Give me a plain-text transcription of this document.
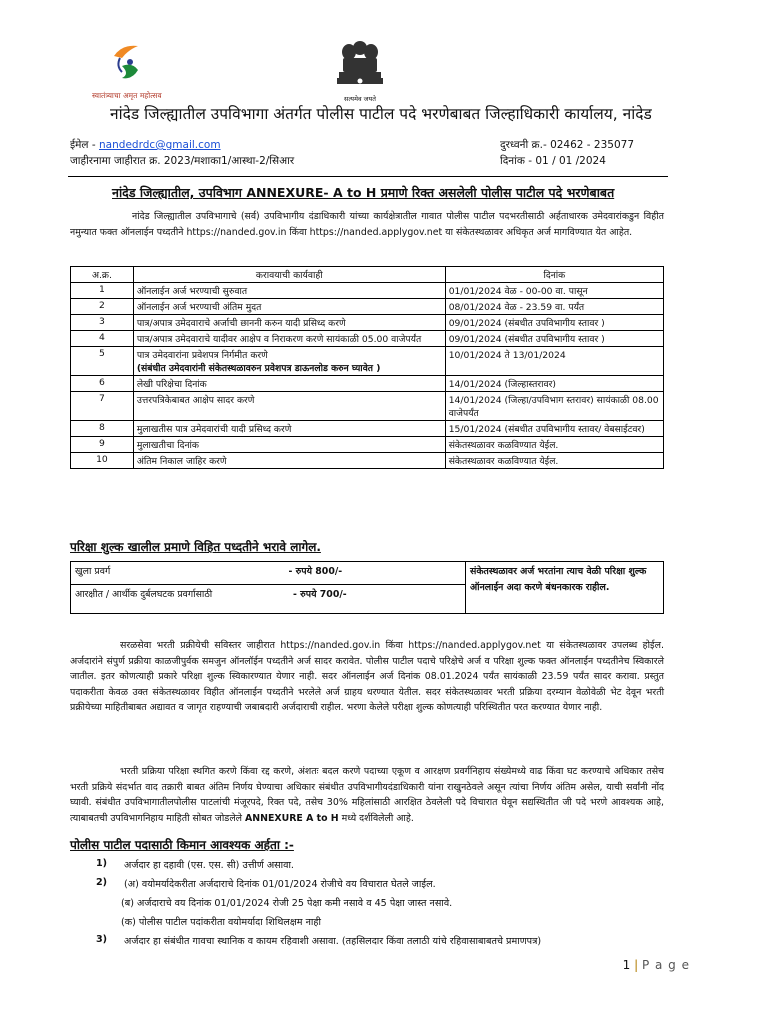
स्वातंत्र्याचा अमृत महोत्सव	सत्यमेव जयते
नांदेड जिल्ह्यातील उपविभागा अंतर्गत पोलीस पाटील पदे भरणेबाबत जिल्हाधिकारी कार्यालय, नांदेड
ईमेल - nandedrdc@gmail.com	दुरध्वनी क्र.- 02462 - 235077
जाहीरनामा जाहीरात क्र. 2023/मशाका1/आस्था-2/सिआर	दिनांक - 01 / 01 /2024
नांदेड जिल्ह्यातील, उपविभाग ANNEXURE- A to H प्रमाणे रिक्त असलेली पोलीस पाटील पदे भरणेबाबत
नांदेड जिल्ह्यातील उपविभागाचे (सर्व) उपविभागीय दंडाधिकारी यांच्या कार्यक्षेत्रातील गावात पोलीस पाटील पदभरतीसाठी अर्हताधारक उमेदवारांकडुन विहीत नमुन्यात फक्त ऑनलाईन पध्दतीने https://nanded.gov.in किंवा https://nanded.applygov.net या संकेतस्थळावर अधिकृत अर्ज मागविण्यात येत आहेत.
अ.क्र.	करावयाची कार्यवाही	दिनांक
1	ऑनलाईन अर्ज भरण्याची सुरुवात	01/01/2024 वेळ - 00-00 वा. पासून
2	ऑनलाईन अर्ज भरण्याची अंतिम मुदत	08/01/2024 वेळ - 23.59 वा. पर्यंत
3	पात्र/अपात्र उमेदवाराचे अर्जाची छाननी करुन यादी प्रसिध्द करणे	09/01/2024 (संबधीत उपविभागीय स्तावर )
4	पात्र/अपात्र उमेदवाराचे यादीवर आक्षेप व निराकरण करणे सायंकाळी 05.00 वाजेपर्यंत	09/01/2024 (संबधीत उपविभागीय स्तावर )
5	पात्र उमेदवारांना प्रवेशपत्र निर्गमीत करणे
(संबंधीत उमेदवारांनी संकेतस्थळावरुन प्रवेशपत्र डाऊनलोड करुन घ्यावेत )	10/01/2024 ते 13/01/2024
6	लेखी परिक्षेचा दिनांक	14/01/2024 (जिल्हास्तरावर)
7	उत्तरपत्रिकेबाबत आक्षेप सादर करणे	14/01/2024 (जिल्हा/उपविभाग स्तरावर) सायंकाळी 08.00 वाजेपर्यंत
8	मुलाखतीस पात्र उमेदवारांची यादी प्रसिध्द करणे	15/01/2024 (संबधीत उपविभागीय स्तावर/ वेबसाईटवर)
9	मुलाखतीचा दिनांक	संकेतस्थळावर कळविण्यात येईल.
10	अंतिम निकाल जाहिर करणे	संकेतस्थळावर कळविण्यात येईल.
परिक्षा शुल्क खालील प्रमाणे विहित पध्दतीने भरावे लागेल.
खुला प्रवर्ग	- रुपये 800/-	संकेतस्थळावर अर्ज भरतांना त्याच वेळी परिक्षा शुल्क ऑनलाईन अदा करणे बंधनकारक राहील.
आरक्षीत / आर्थीक दुर्बलघटक प्रवर्गासाठी	- रुपये 700/-
सरळसेवा भरती प्रक्रीयेची सविस्तर जाहीरात https://nanded.gov.in किंवा https://nanded.applygov.net या संकेतस्थळावर उपलब्ध होईल. अर्जदारांने संपुर्ण प्रक्रीया काळजीपुर्वक समजुन ऑनलॉईन पध्दतीने अर्ज सादर करावेत. पोलीस पाटील पदाचे परिक्षेचे अर्ज व परिक्षा शुल्क फक्त ऑनलाईन पध्दतीनेच स्विकारले जातील. इतर कोणत्याही प्रकारे परिक्षा शुल्क स्विकारण्यात येणार नाही. सदर ऑनलाईन अर्ज दिनांक 08.01.2024 पर्यंत सायंकाळी 23.59 पर्यंत सादर करावा. प्रस्तुत पदाकरीता केवळ उक्त संकेतस्थळावर विहीत ऑनलाईन पध्दतीने भरलेले अर्ज ग्राहय धरण्यात येतील. सदर संकेतस्थळावर भरती प्रक्रिया दरम्यान वेळोवेळी भेट देवून भरती प्रक्रीयेच्या माहितीबाबत अद्यावत व जागृत राहण्याची जबाबदारी अर्जदाराची राहील. भरणा केलेले परीक्षा शुल्क कोणत्याही परिस्थितीत परत करण्यात येणार नाही.
भरती प्रक्रिया परिक्षा स्थगित करणे किंवा रद्द करणे, अंशतः बदल करणे पदाच्या एकूण व आरक्षण प्रवर्गनिहाय संख्येमध्ये वाढ किंवा घट करण्याचे अधिकार तसेच भरती प्रक्रिये संदर्भात वाद तक्रारी बाबत अंतिम निर्णय घेण्याचा अधिकार संबंधीत उपविभागीयदंडाधिकारी यांना राखुनठेवले असून त्यांचा निर्णय अंतिम असेल, याची सर्वांनी नोंद घ्यावी. संबंधीत उपविभागातीलपोलीस पाटलांची मंजूरपदे, रिक्त पदे, तसेच 30% महिलांसाठी आरक्षित ठेवलेली पदे विचारात घेवून सद्यस्थितीत जी पदे भरणे आवश्यक आहे, त्याबाबतची उपविभागनिहाय माहिती सोबत जोडलेले ANNEXURE A to H मध्ये दर्शविलेली आहे.
पोलीस पाटील पदासाठी किमान आवश्यक अर्हता :-
1) अर्जदार हा दहावी (एस. एस. सी) उत्तीर्ण असावा.
2) (अ) वयोमर्यादेकरीता अर्जदाराचे दिनांक 01/01/2024 रोजीचे वय विचारात घेतले जाईल.
(ब) अर्जदाराचे वय दिनांक 01/01/2024 रोजी 25 पेक्षा कमी नसावे व 45 पेक्षा जास्त नसावे.
(क) पोलीस पाटील पदांकरीता वयोमर्यादा शिथिलक्षम नाही
3) अर्जदार हा संबंधीत गावचा स्थानिक व कायम रहिवाशी असावा. (तहसिलदार किंवा तलाठी यांचे रहिवासाबाबतचे प्रमाणपत्र)
1 | P a g e
